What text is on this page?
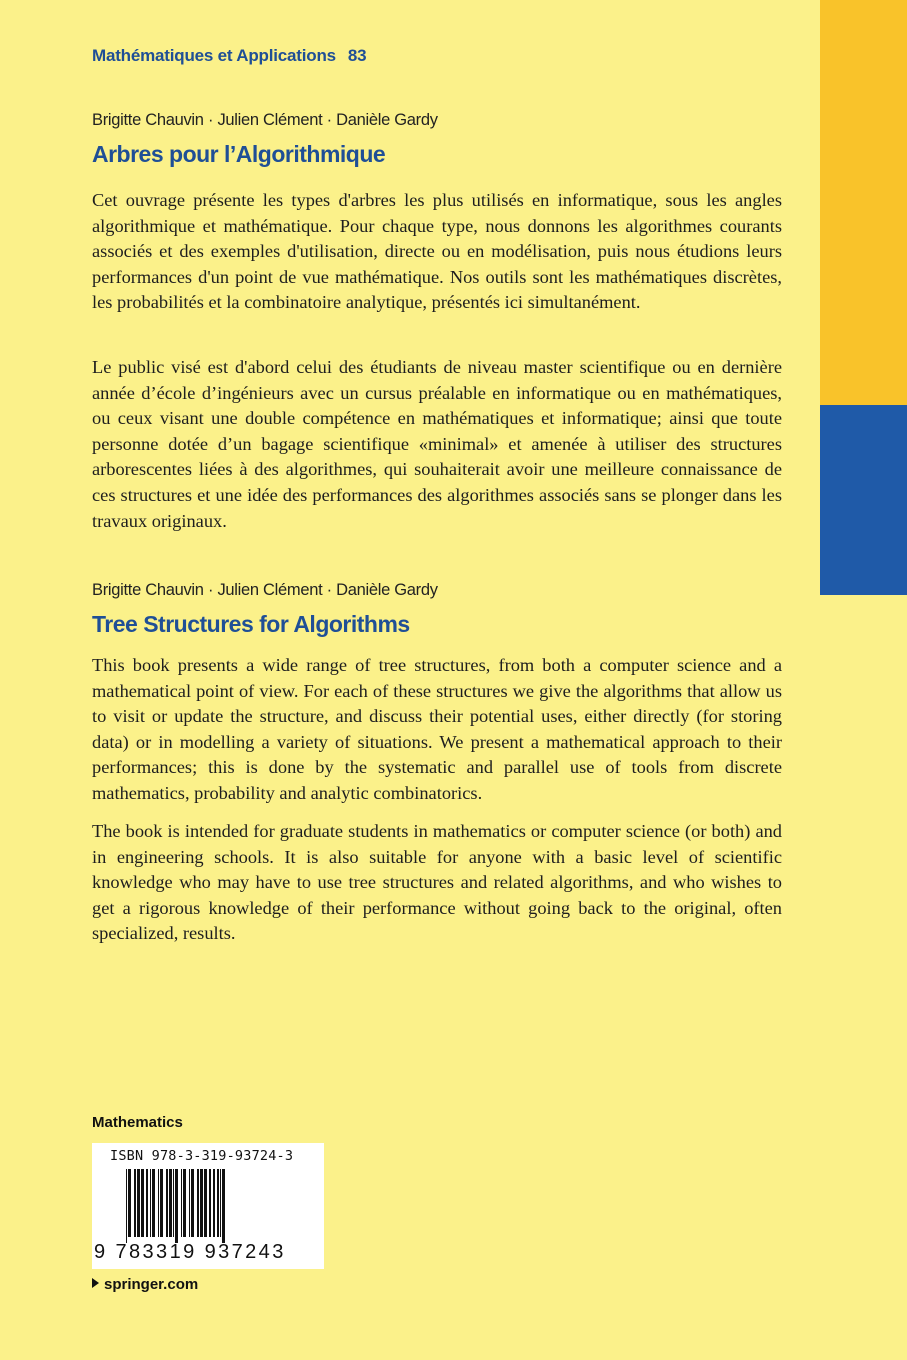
Mathématiques et Applications 83
Brigitte Chauvin · Julien Clément · Danièle Gardy
Arbres pour l’Algorithmique

Cet ouvrage présente les types d'arbres les plus utilisés en informatique, sous les angles algorithmique et mathématique. Pour chaque type, nous donnons les algorithmes courants associés et des exemples d'utilisation, directe ou en modélisation, puis nous étudions leurs performances d'un point de vue mathématique. Nos outils sont les mathématiques discrètes, les probabilités et la combinatoire analytique, présentés ici simultanément.

Le public visé est d'abord celui des étudiants de niveau master scientifique ou en dernière année d’école d’ingénieurs avec un cursus préalable en informatique ou en mathématiques, ou ceux visant une double compétence en mathématiques et informatique; ainsi que toute personne dotée d’un bagage scientifique «minimal» et amenée à utiliser des structures arborescentes liées à des algorithmes, qui souhaiterait avoir une meilleure connaissance de ces structures et une idée des performances des algorithmes associés sans se plonger dans les travaux originaux.

Brigitte Chauvin · Julien Clément · Danièle Gardy
Tree Structures for Algorithms

This book presents a wide range of tree structures, from both a computer science and a mathematical point of view. For each of these structures we give the algorithms that allow us to visit or update the structure, and discuss their potential uses, either directly (for storing data) or in modelling a variety of situations. We present a mathematical approach to their performances; this is done by the systematic and parallel use of tools from discrete mathematics, probability and analytic combinatorics.

The book is intended for graduate students in mathematics or computer science (or both) and in engineering schools. It is also suitable for anyone with a basic level of scientific knowledge who may have to use tree structures and related algorithms, and who wishes to get a rigorous knowledge of their performance without going back to the original, often specialized, results.

Mathematics
ISBN 978-3-319-93724-3
9 783319 937243
springer.com
